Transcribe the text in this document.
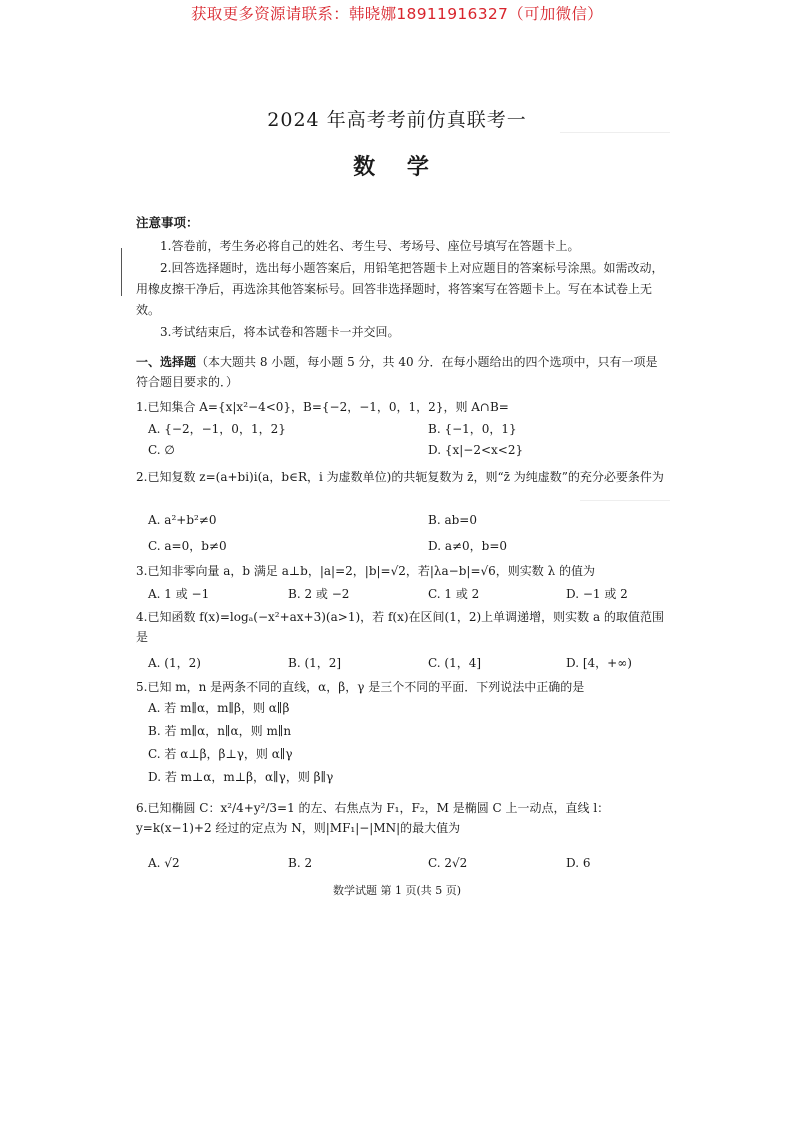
获取更多资源请联系：韩晓娜18911916327（可加微信）
2024 年高考考前仿真联考一
数 学
注意事项：
1.答卷前，考生务必将自己的姓名、考生号、考场号、座位号填写在答题卡上。
2.回答选择题时，选出每小题答案后，用铅笔把答题卡上对应题目的答案标号涂黑。如需改动，用橡皮擦干净后，再选涂其他答案标号。回答非选择题时，将答案写在答题卡上。写在本试卷上无效。
3.考试结束后，将本试卷和答题卡一并交回。
一、选择题（本大题共 8 小题，每小题 5 分，共 40 分．在每小题给出的四个选项中，只有一项是符合题目要求的．）
1.已知集合 A={x|x²−4<0}，B={−2，−1，0，1，2}，则 A∩B=
A. {−2，−1，0，1，2}	B. {−1，0，1}
C. ∅	D. {x|−2<x<2}
2.已知复数 z=(a+bi)i(a，b∈R，i 为虚数单位)的共轭复数为 z̄，则“z̄ 为纯虚数”的充分必要条件为
A. a²+b²≠0	B. ab=0
C. a=0，b≠0	D. a≠0，b=0
3.已知非零向量 a，b 满足 a⊥b，|a|=2，|b|=√2，若|λa−b|=√6，则实数 λ 的值为
A. 1 或 −1	B. 2 或 −2	C. 1 或 2	D. −1 或 2
4.已知函数 f(x)=logₐ(−x²+ax+3)(a>1)，若 f(x)在区间(1，2)上单调递增，则实数 a 的取值范围是
A. (1，2)	B. (1，2]	C. (1，4]	D. [4，+∞)
5.已知 m，n 是两条不同的直线，α，β，γ 是三个不同的平面．下列说法中正确的是
A. 若 m∥α，m∥β，则 α∥β
B. 若 m∥α，n∥α，则 m∥n
C. 若 α⊥β，β⊥γ，则 α∥γ
D. 若 m⊥α，m⊥β，α∥γ，则 β∥γ
6.已知椭圆 C：x²/4+y²/3=1 的左、右焦点为 F₁，F₂，M 是椭圆 C 上一动点，直线 l：y=k(x−1)+2 经过的定点为 N，则|MF₁|−|MN|的最大值为
A. √2	B. 2	C. 2√2	D. 6
数学试题 第 1 页(共 5 页)
